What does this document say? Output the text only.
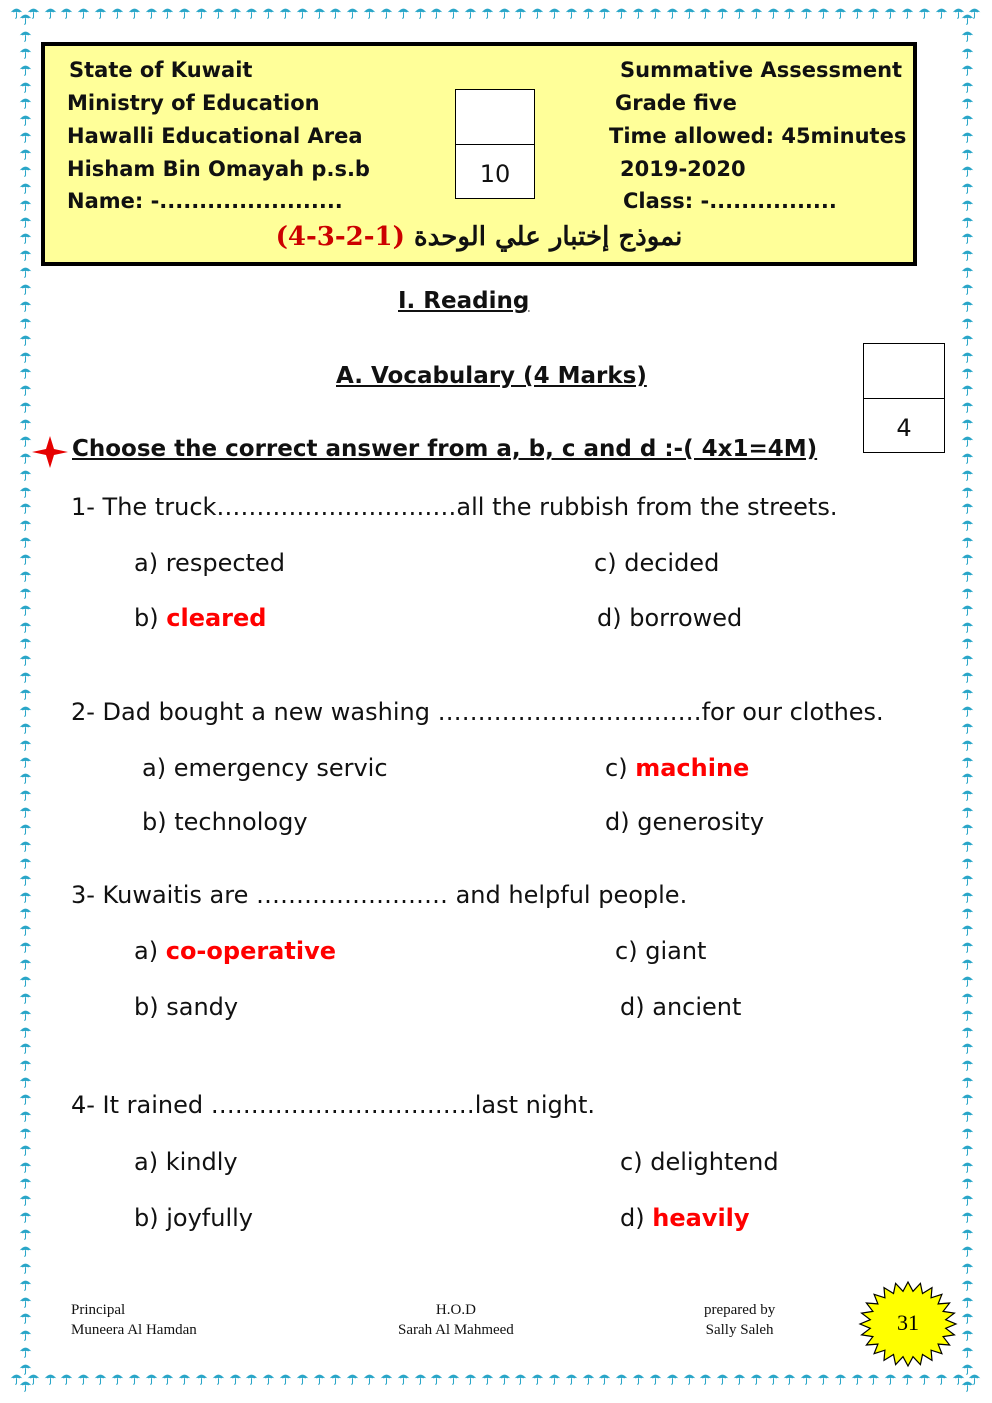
State of Kuwait
Ministry of Education
Hawalli Educational Area
Hisham Bin Omayah p.s.b
Name: -.......................
Summative Assessment
Grade five
Time allowed: 45minutes
2019-2020
Class: -................
10
نموذج إختبار علي الوحدة (1-2-3-4)
I. Reading
A. Vocabulary (4 Marks)
4
Choose the correct answer from a, b, c and d :-( 4x1=4M)
1- The truck…………………………all the rubbish from the streets.
a) respected
b) cleared
c) decided
d) borrowed
2- Dad bought a new washing ……………………………for our clothes.
a) emergency servic
b) technology
c) machine
d) generosity
3- Kuwaitis are …………………… and helpful people.
a) co-operative
b) sandy
c) giant
d) ancient
4- It rained ……………………………last night.
a) kindly
b) joyfully
c) delightend
d) heavily
Principal
Muneera Al Hamdan
H.O.D
Sarah Al Mahmeed
prepared by
Sally Saleh	31
